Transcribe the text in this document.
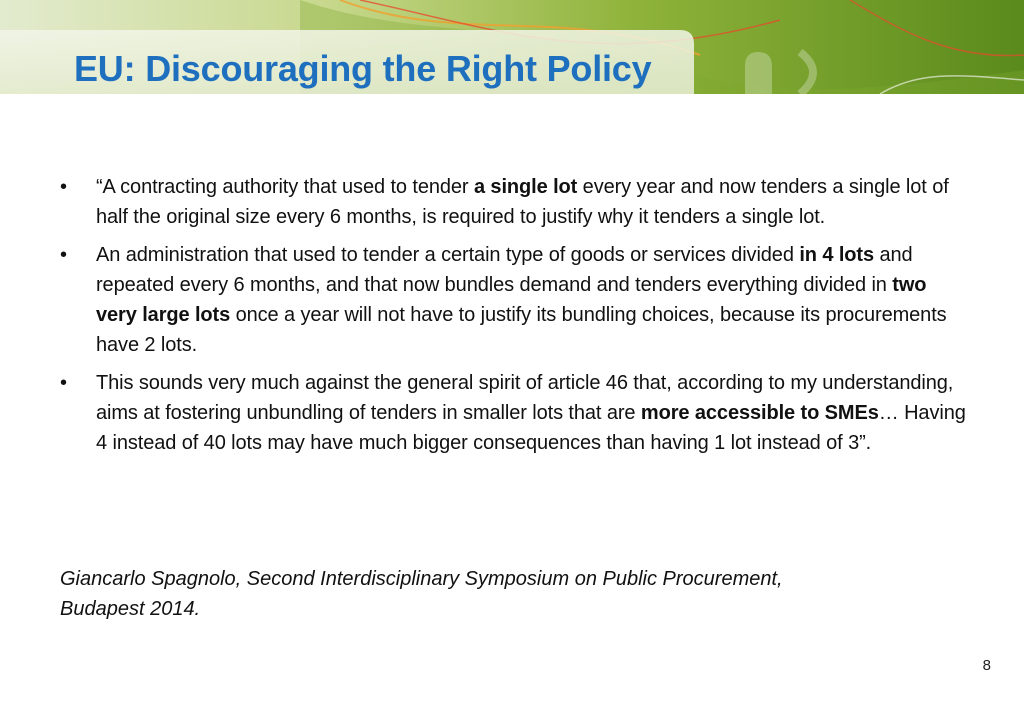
EU: Discouraging the Right Policy
• “A contracting authority that used to tender a single lot every year and now tenders a single lot of half the original size every 6 months, is required to justify why it tenders a single lot.
• An administration that used to tender a certain type of goods or services divided in 4 lots and repeated every 6 months, and that now bundles demand and tenders everything divided in two very large lots once a year will not have to justify its bundling choices, because its procurements have 2 lots.
• This sounds very much against the general spirit of article 46 that, according to my understanding, aims at fostering unbundling of tenders in smaller lots that are more accessible to SMEs… Having 4 instead of 40 lots may have much bigger consequences than having 1 lot instead of 3”.

Giancarlo Spagnolo, Second Interdisciplinary Symposium on Public Procurement,
Budapest 2014.

8
